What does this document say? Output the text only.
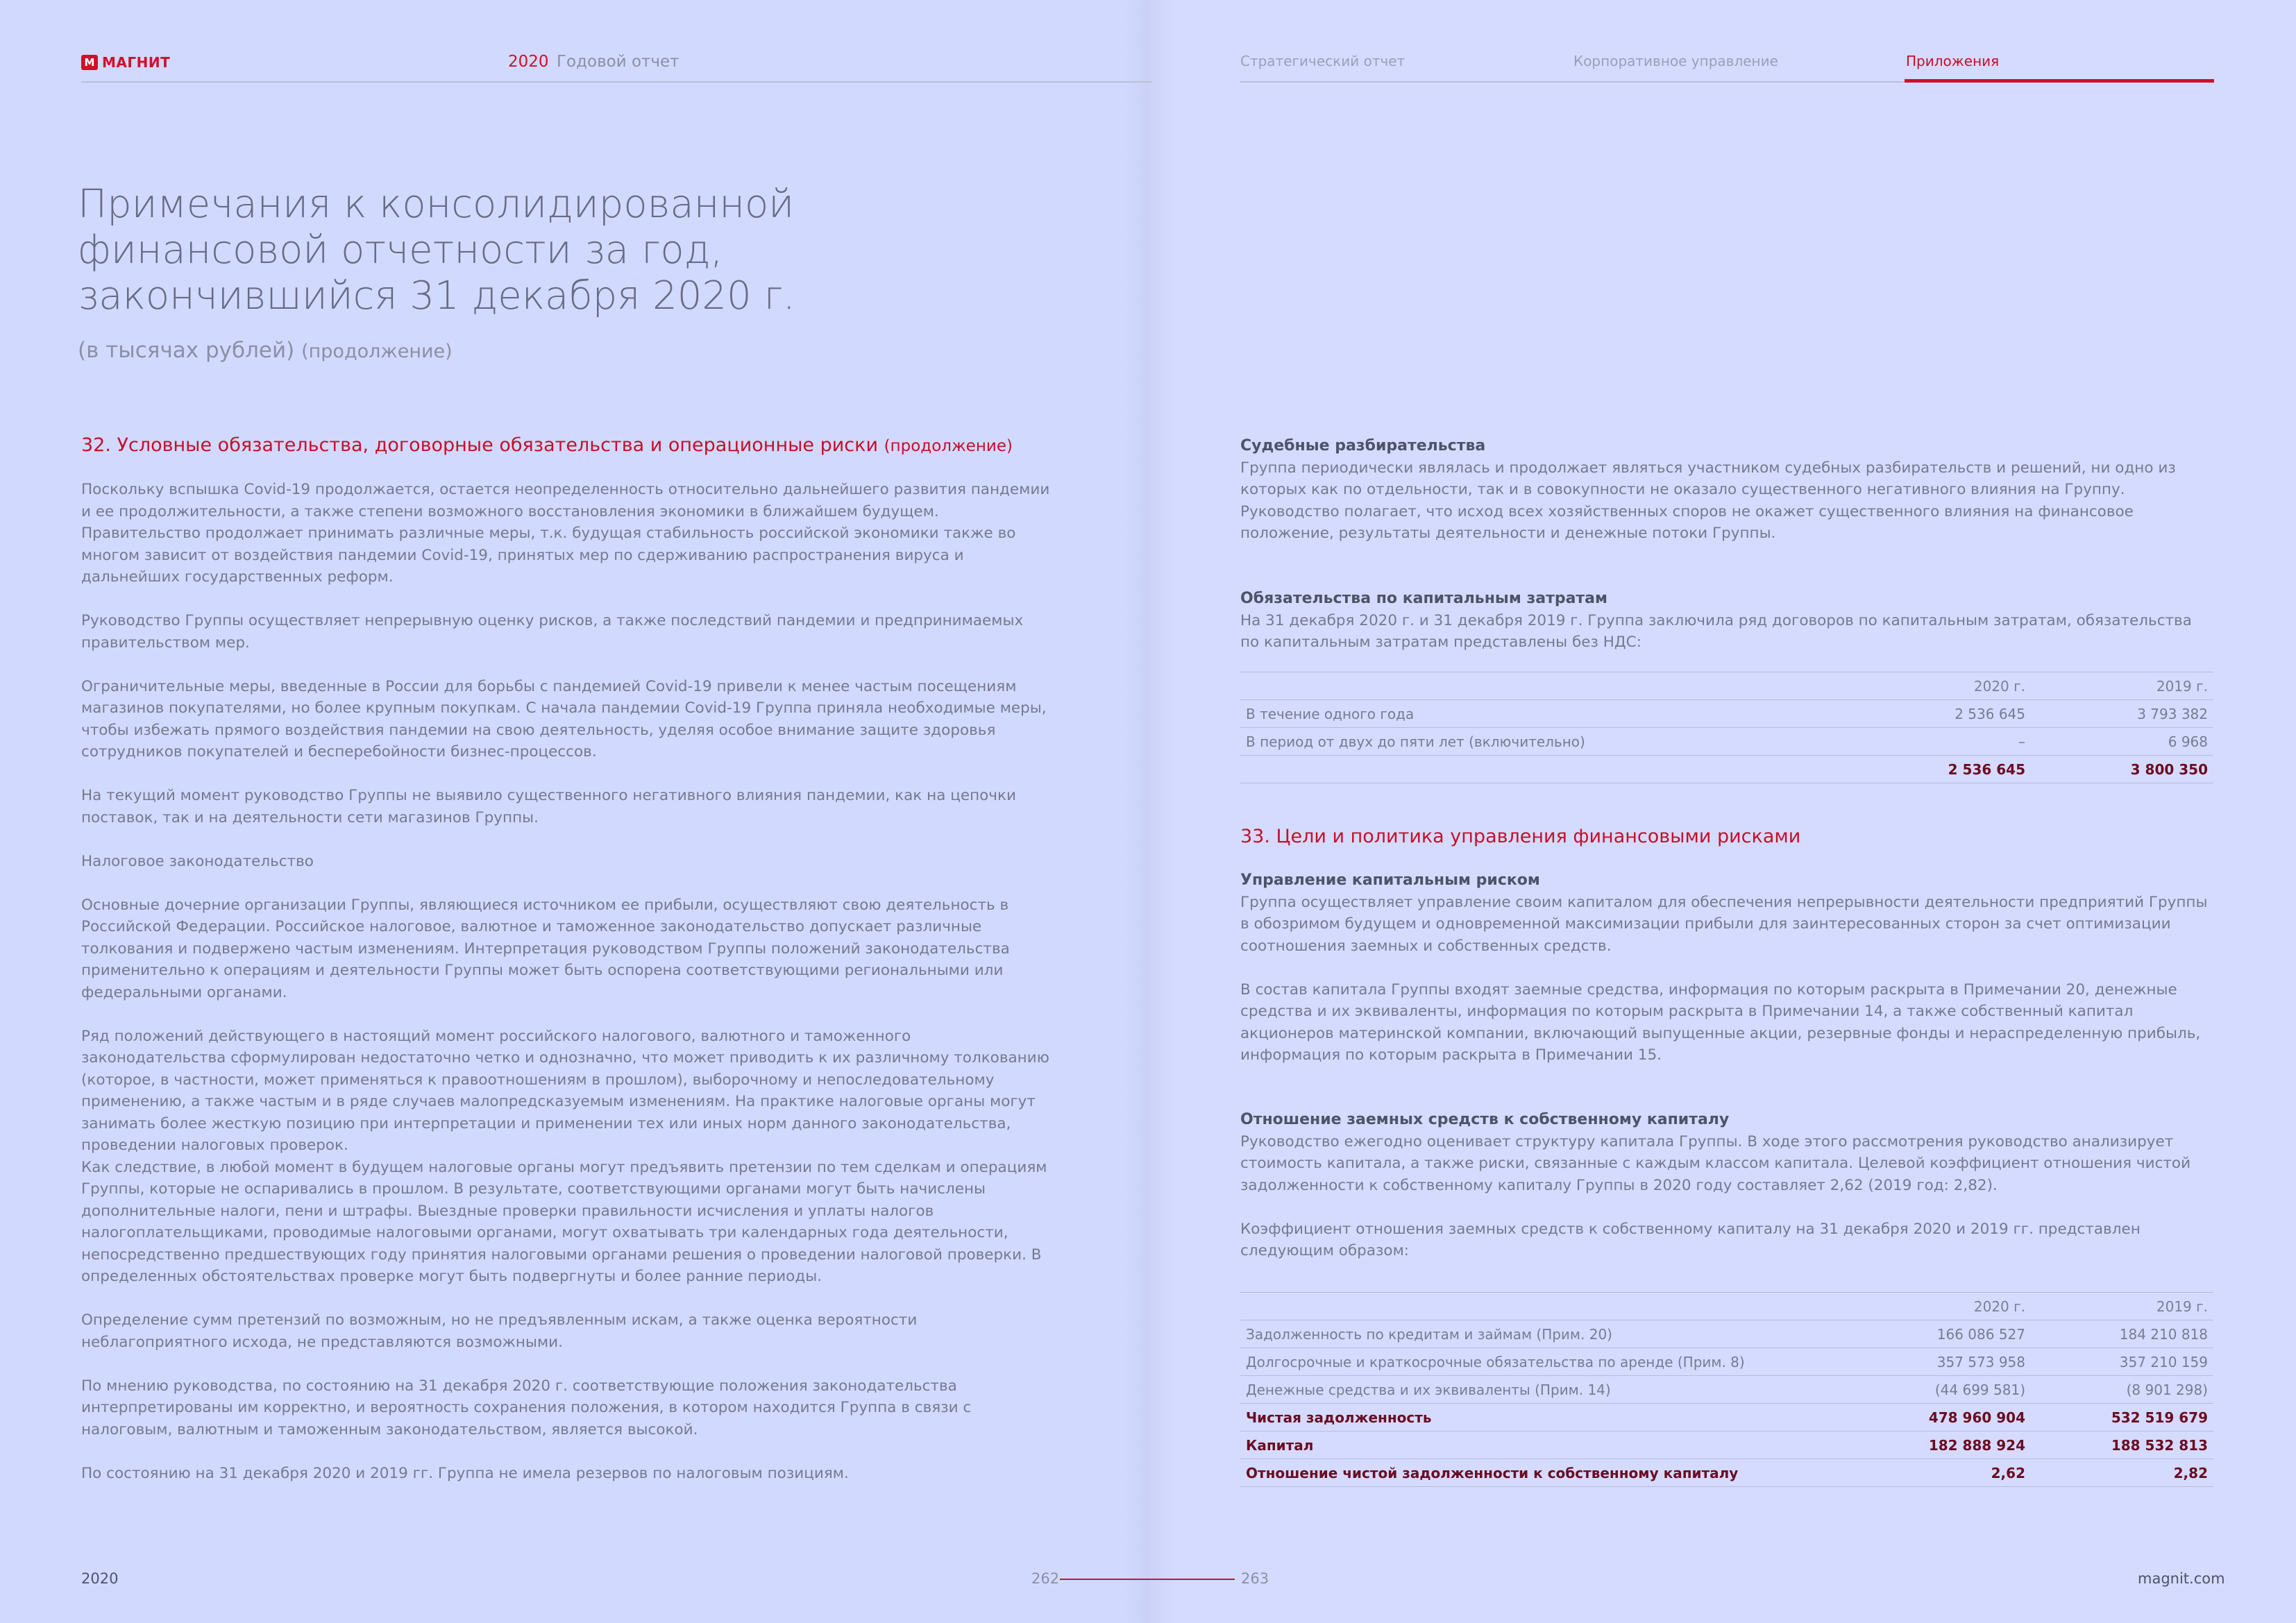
M МАГНИТ	2020 Годовой отчет	Стратегический отчет	Корпоративное управление	Приложения
Примечания к консолидированной
финансовой отчетности за год,
закончившийся 31 декабря 2020 г.
(в тысячах рублей) (продолжение)
32. Условные обязательства, договорные обязательства и операционные риски (продолжение)

Поскольку вспышка Covid-19 продолжается, остается неопределенность относительно дальнейшего развития пандемии и ее продолжительности, а также степени возможного восстановления экономики в ближайшем будущем. Правительство продолжает принимать различные меры, т.к. будущая стабильность российской экономики также во многом зависит от воздействия пандемии Covid-19, принятых мер по сдерживанию распространения вируса и дальнейших государственных реформ.

Руководство Группы осуществляет непрерывную оценку рисков, а также последствий пандемии и предпринимаемых правительством мер.

Ограничительные меры, введенные в России для борьбы с пандемией Covid-19 привели к менее частым посещениям магазинов покупателями, но более крупным покупкам. С начала пандемии Covid-19 Группа приняла необходимые меры, чтобы избежать прямого воздействия пандемии на свою деятельность, уделяя особое внимание защите здоровья сотрудников покупателей и бесперебойности бизнес-процессов.

На текущий момент руководство Группы не выявило существенного негативного влияния пандемии, как на цепочки поставок, так и на деятельности сети магазинов Группы.

Налоговое законодательство

Основные дочерние организации Группы, являющиеся источником ее прибыли, осуществляют свою деятельность в Российской Федерации. Российское налоговое, валютное и таможенное законодательство допускает различные толкования и подвержено частым изменениям. Интерпретация руководством Группы положений законодательства применительно к операциям и деятельности Группы может быть оспорена соответствующими региональными или федеральными органами.

Ряд положений действующего в настоящий момент российского налогового, валютного и таможенного законодательства сформулирован недостаточно четко и однозначно, что может приводить к их различному толкованию (которое, в частности, может применяться к правоотношениям в прошлом), выборочному и непоследовательному применению, а также частым и в ряде случаев малопредсказуемым изменениям. На практике налоговые органы могут занимать более жесткую позицию при интерпретации и применении тех или иных норм данного законодательства, проведении налоговых проверок.

Как следствие, в любой момент в будущем налоговые органы могут предъявить претензии по тем сделкам и операциям Группы, которые не оспаривались в прошлом. В результате, соответствующими органами могут быть начислены дополнительные налоги, пени и штрафы. Выездные проверки правильности исчисления и уплаты налогов налогоплательщиками, проводимые налоговыми органами, могут охватывать три календарных года деятельности, непосредственно предшествующих году принятия налоговыми органами решения о проведении налоговой проверки. В определенных обстоятельствах проверке могут быть подвергнуты и более ранние периоды.

Определение сумм претензий по возможным, но не предъявленным искам, а также оценка вероятности неблагоприятного исхода, не представляются возможными.

По мнению руководства, по состоянию на 31 декабря 2020 г. соответствующие положения законодательства интерпретированы им корректно, и вероятность сохранения положения, в котором находится Группа в связи с налоговым, валютным и таможенным законодательством, является высокой.

По состоянию на 31 декабря 2020 и 2019 гг. Группа не имела резервов по налоговым позициям.

Судебные разбирательства

Группа периодически являлась и продолжает являться участником судебных разбирательств и решений, ни одно из которых как по отдельности, так и в совокупности не оказало существенного негативного влияния на Группу. Руководство полагает, что исход всех хозяйственных споров не окажет существенного влияния на финансовое положение, результаты деятельности и денежные потоки Группы.

Обязательства по капитальным затратам

На 31 декабря 2020 г. и 31 декабря 2019 г. Группа заключила ряд договоров по капитальным затратам, обязательства по капитальным затратам представлены без НДС:

	2020 г.	2019 г.
В течение одного года	2 536 645	3 793 382
В период от двух до пяти лет (включительно)	–	6 968
	2 536 645	3 800 350
33. Цели и политика управления финансовыми рисками
Управление капитальным риском

Группа осуществляет управление своим капиталом для обеспечения непрерывности деятельности предприятий Группы в обозримом будущем и одновременной максимизации прибыли для заинтересованных сторон за счет оптимизации соотношения заемных и собственных средств.

В состав капитала Группы входят заемные средства, информация по которым раскрыта в Примечании 20, денежные средства и их эквиваленты, информация по которым раскрыта в Примечании 14, а также собственный капитал акционеров материнской компании, включающий выпущенные акции, резервные фонды и нераспределенную прибыль, информация по которым раскрыта в Примечании 15.

Отношение заемных средств к собственному капиталу

Руководство ежегодно оценивает структуру капитала Группы. В ходе этого рассмотрения руководство анализирует стоимость капитала, а также риски, связанные с каждым классом капитала. Целевой коэффициент отношения чистой задолженности к собственному капиталу Группы в 2020 году составляет 2,62 (2019 год: 2,82).

Коэффициент отношения заемных средств к собственному капиталу на 31 декабря 2020 и 2019 гг. представлен следующим образом:

	2020 г.	2019 г.
Задолженность по кредитам и займам (Прим. 20)	166 086 527	184 210 818
Долгосрочные и краткосрочные обязательства по аренде (Прим. 8)	357 573 958	357 210 159
Денежные средства и их эквиваленты (Прим. 14)	(44 699 581)	(8 901 298)
Чистая задолженность	478 960 904	532 519 679
Капитал	182 888 924	188 532 813
Отношение чистой задолженности к собственному капиталу	2,62	2,82
2020	262	263	magnit.com
